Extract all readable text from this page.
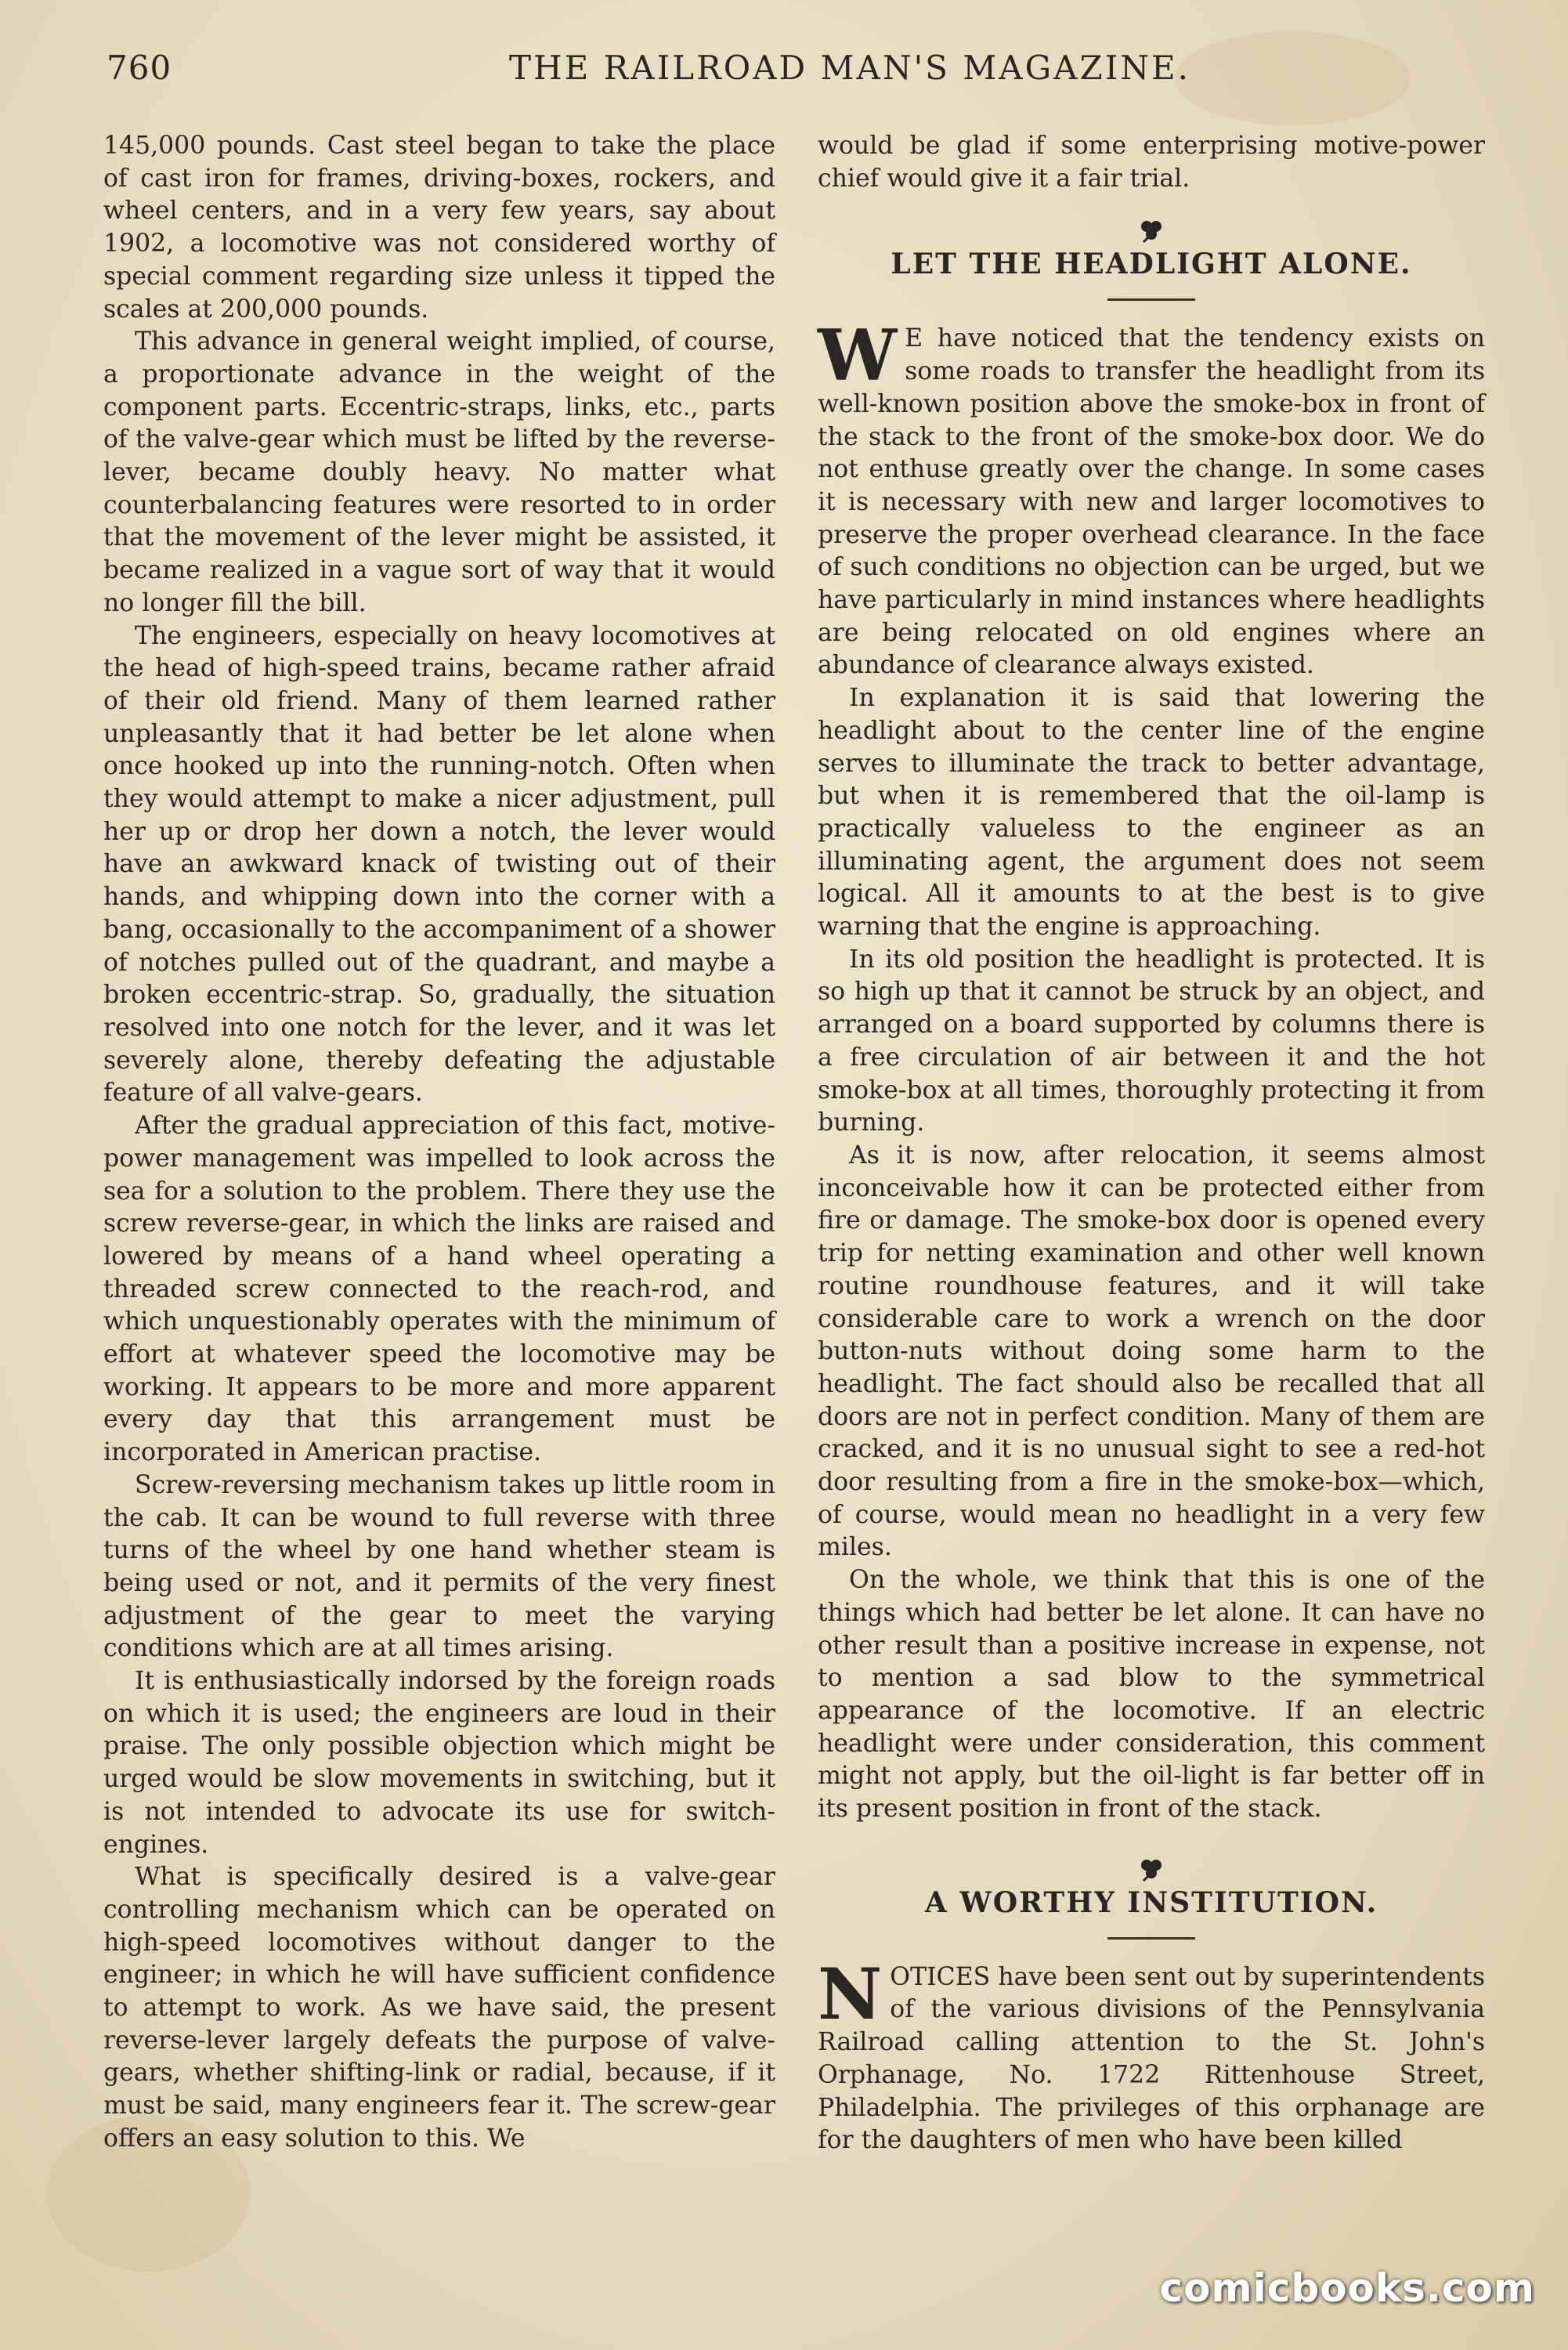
760	THE RAILROAD MAN'S MAGAZINE.

145,000 pounds. Cast steel began to take the place of cast iron for frames, driving-boxes, rockers, and wheel centers, and in a very few years, say about 1902, a locomotive was not considered worthy of special comment regarding size unless it tipped the scales at 200,000 pounds.

This advance in general weight implied, of course, a proportionate advance in the weight of the component parts. Eccentric-straps, links, etc., parts of the valve-gear which must be lifted by the reverse-lever, became doubly heavy. No matter what counterbalancing features were resorted to in order that the movement of the lever might be assisted, it became realized in a vague sort of way that it would no longer fill the bill.

The engineers, especially on heavy locomotives at the head of high-speed trains, became rather afraid of their old friend. Many of them learned rather unpleasantly that it had better be let alone when once hooked up into the running-notch. Often when they would attempt to make a nicer adjustment, pull her up or drop her down a notch, the lever would have an awkward knack of twisting out of their hands, and whipping down into the corner with a bang, occasionally to the accompaniment of a shower of notches pulled out of the quadrant, and maybe a broken eccentric-strap. So, gradually, the situation resolved into one notch for the lever, and it was let severely alone, thereby defeating the adjustable feature of all valve-gears.

After the gradual appreciation of this fact, motive-power management was impelled to look across the sea for a solution to the problem. There they use the screw reverse-gear, in which the links are raised and lowered by means of a hand wheel operating a threaded screw connected to the reach-rod, and which unquestionably operates with the minimum of effort at whatever speed the locomotive may be working. It appears to be more and more apparent every day that this arrangement must be incorporated in American practise.

Screw-reversing mechanism takes up little room in the cab. It can be wound to full reverse with three turns of the wheel by one hand whether steam is being used or not, and it permits of the very finest adjustment of the gear to meet the varying conditions which are at all times arising.

It is enthusiastically indorsed by the foreign roads on which it is used; the engineers are loud in their praise. The only possible objection which might be urged would be slow movements in switching, but it is not intended to advocate its use for switch-engines.

What is specifically desired is a valve-gear controlling mechanism which can be operated on high-speed locomotives without danger to the engineer; in which he will have sufficient confidence to attempt to work. As we have said, the present reverse-lever largely defeats the purpose of valve-gears, whether shifting-link or radial, because, if it must be said, many engineers fear it. The screw-gear offers an easy solution to this. We

would be glad if some enterprising motive-power chief would give it a fair trial.

LET THE HEADLIGHT ALONE.

W E have noticed that the tendency exists on some roads to transfer the headlight from its well-known position above the smoke-box in front of the stack to the front of the smoke-box door. We do not enthuse greatly over the change. In some cases it is necessary with new and larger locomotives to preserve the proper overhead clearance. In the face of such conditions no objection can be urged, but we have particularly in mind instances where headlights are being relocated on old engines where an abundance of clearance always existed.

In explanation it is said that lowering the headlight about to the center line of the engine serves to illuminate the track to better advantage, but when it is remembered that the oil-lamp is practically valueless to the engineer as an illuminating agent, the argument does not seem logical. All it amounts to at the best is to give warning that the engine is approaching.

In its old position the headlight is protected. It is so high up that it cannot be struck by an object, and arranged on a board supported by columns there is a free circulation of air between it and the hot smoke-box at all times, thoroughly protecting it from burning.

As it is now, after relocation, it seems almost inconceivable how it can be protected either from fire or damage. The smoke-box door is opened every trip for netting examination and other well known routine roundhouse features, and it will take considerable care to work a wrench on the door button-nuts without doing some harm to the headlight. The fact should also be recalled that all doors are not in perfect condition. Many of them are cracked, and it is no unusual sight to see a red-hot door resulting from a fire in the smoke-box—which, of course, would mean no headlight in a very few miles.

On the whole, we think that this is one of the things which had better be let alone. It can have no other result than a positive increase in expense, not to mention a sad blow to the symmetrical appearance of the locomotive. If an electric headlight were under consideration, this comment might not apply, but the oil-light is far better off in its present position in front of the stack.

A WORTHY INSTITUTION.

NOTICES have been sent out by superintendents of the various divisions of the Pennsylvania Railroad calling attention to the St. John's Orphanage, No. 1722 Rittenhouse Street, Philadelphia. The privileges of this orphanage are for the daughters of men who have been killed

comicbooks.com
